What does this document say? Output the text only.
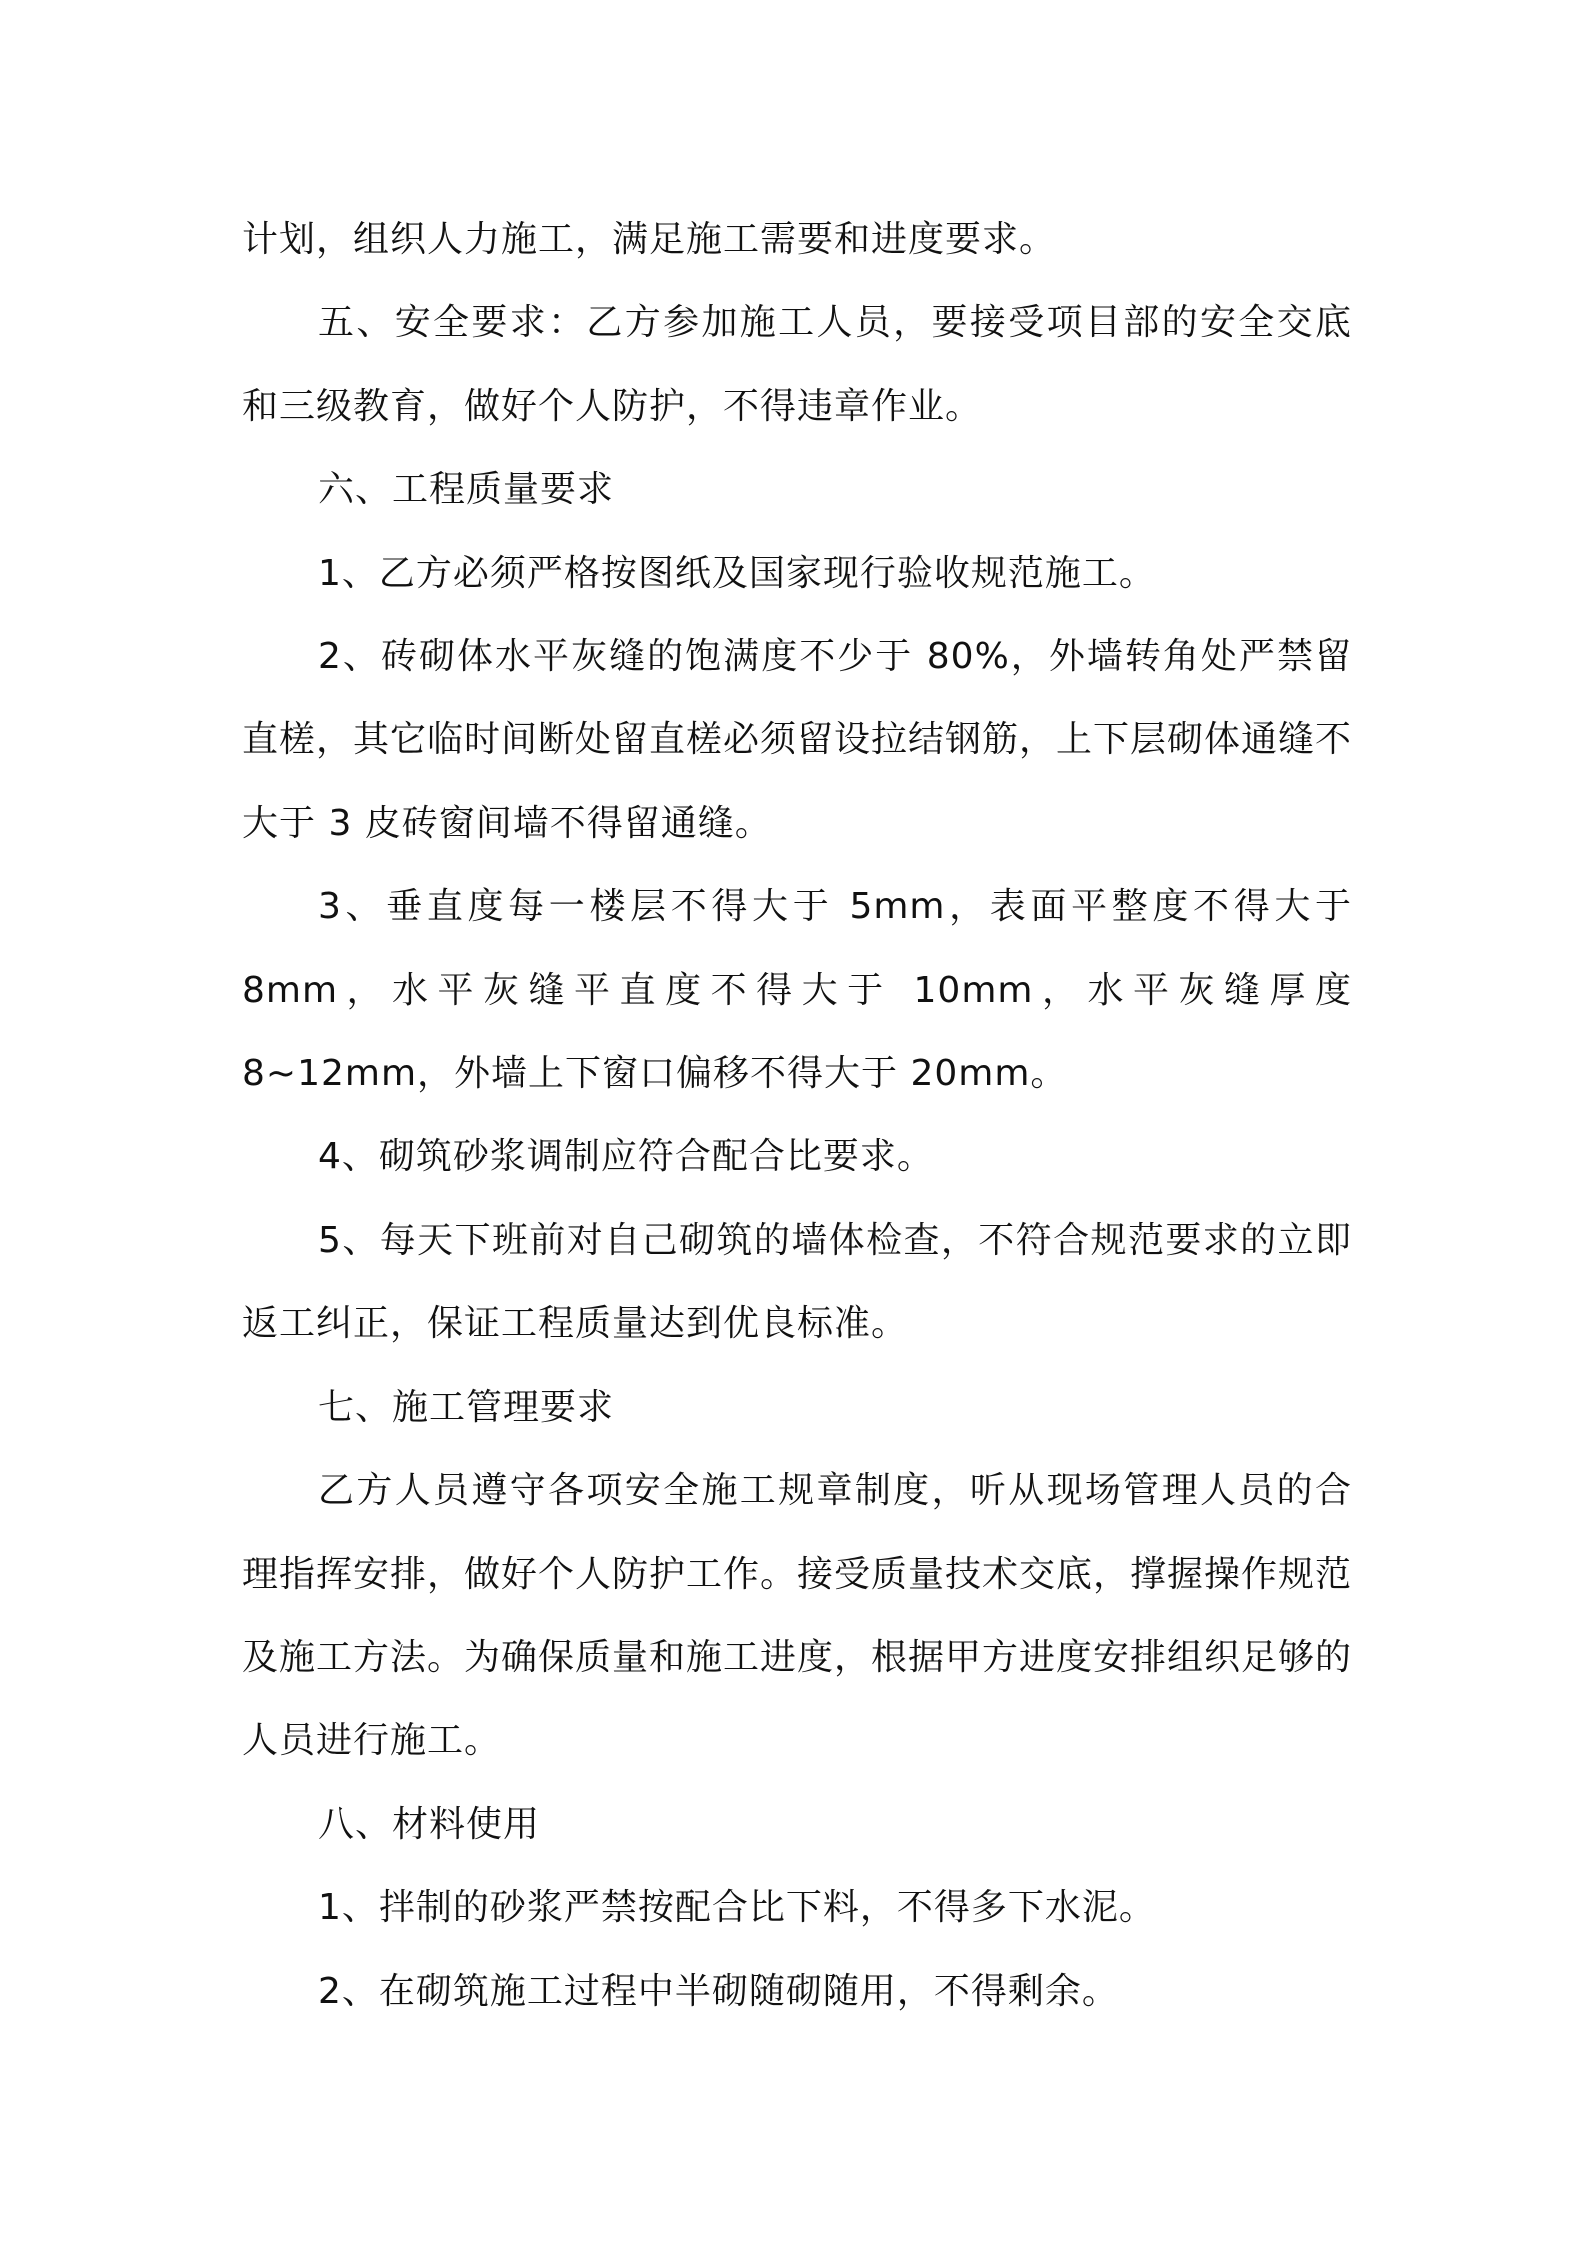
计划，组织人力施工，满足施工需要和进度要求。

五、安全要求：乙方参加施工人员，要接受项目部的安全交底和三级教育，做好个人防护，不得违章作业。

六、工程质量要求

1、乙方必须严格按图纸及国家现行验收规范施工。

2、砖砌体水平灰缝的饱满度不少于 80%，外墙转角处严禁留直槎，其它临时间断处留直槎必须留设拉结钢筋，上下层砌体通缝不大于 3 皮砖窗间墙不得留通缝。

3、垂直度每一楼层不得大于 5mm，表面平整度不得大于 8mm，水平灰缝平直度不得大于 10mm，水平灰缝厚度 8~12mm，外墙上下窗口偏移不得大于 20mm。

4、砌筑砂浆调制应符合配合比要求。

5、每天下班前对自己砌筑的墙体检查，不符合规范要求的立即返工纠正，保证工程质量达到优良标准。

七、施工管理要求

乙方人员遵守各项安全施工规章制度，听从现场管理人员的合理指挥安排，做好个人防护工作。接受质量技术交底，撑握操作规范及施工方法。为确保质量和施工进度，根据甲方进度安排组织足够的人员进行施工。

八、材料使用

1、拌制的砂浆严禁按配合比下料，不得多下水泥。

2、在砌筑施工过程中半砌随砌随用，不得剩余。
